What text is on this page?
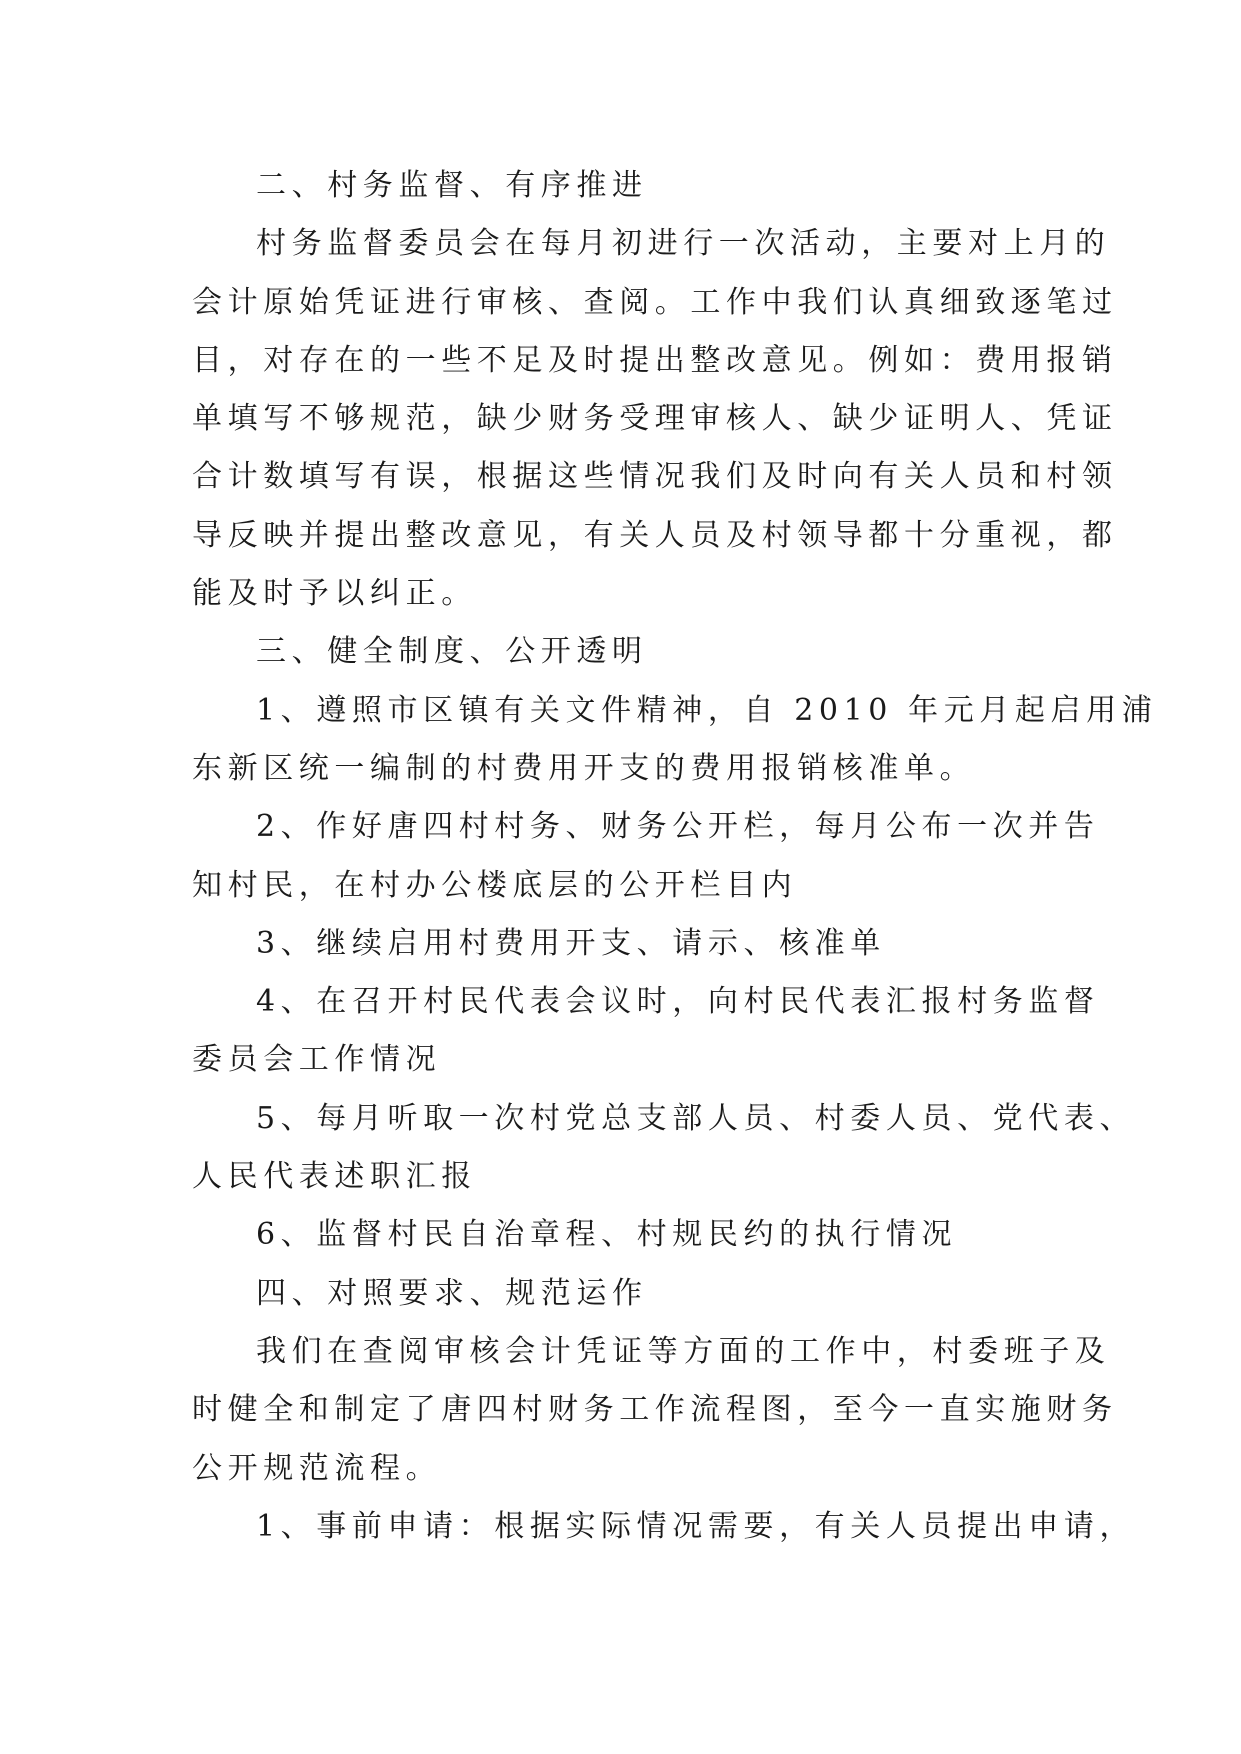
二、村务监督、有序推进
村务监督委员会在每月初进行一次活动，主要对上月的
会计原始凭证进行审核、查阅。工作中我们认真细致逐笔过
目，对存在的一些不足及时提出整改意见。例如：费用报销
单填写不够规范，缺少财务受理审核人、缺少证明人、凭证
合计数填写有误，根据这些情况我们及时向有关人员和村领
导反映并提出整改意见，有关人员及村领导都十分重视，都
能及时予以纠正。
三、健全制度、公开透明
1、遵照市区镇有关文件精神，自 2010 年元月起启用浦
东新区统一编制的村费用开支的费用报销核准单。
2、作好唐四村村务、财务公开栏，每月公布一次并告
知村民，在村办公楼底层的公开栏目内
3、继续启用村费用开支、请示、核准单
4、在召开村民代表会议时，向村民代表汇报村务监督
委员会工作情况
5、每月听取一次村党总支部人员、村委人员、党代表、
人民代表述职汇报
6、监督村民自治章程、村规民约的执行情况
四、对照要求、规范运作
我们在查阅审核会计凭证等方面的工作中，村委班子及
时健全和制定了唐四村财务工作流程图，至今一直实施财务
公开规范流程。
1、事前申请：根据实际情况需要，有关人员提出申请，
